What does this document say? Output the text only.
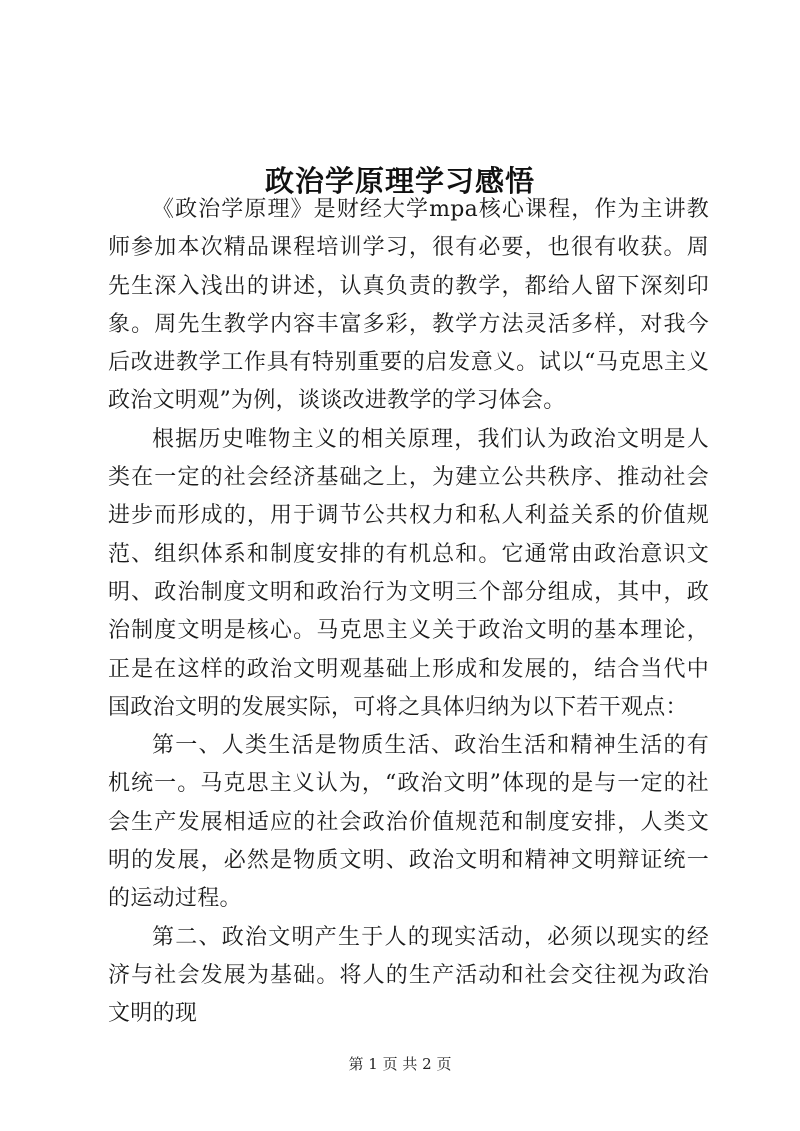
政治学原理学习感悟

《政治学原理》是财经大学mpa核心课程，作为主讲教师参加本次精品课程培训学习，很有必要，也很有收获。周先生深入浅出的讲述，认真负责的教学，都给人留下深刻印象。周先生教学内容丰富多彩，教学方法灵活多样，对我今后改进教学工作具有特别重要的启发意义。试以“马克思主义政治文明观”为例，谈谈改进教学的学习体会。

根据历史唯物主义的相关原理，我们认为政治文明是人类在一定的社会经济基础之上，为建立公共秩序、推动社会进步而形成的，用于调节公共权力和私人利益关系的价值规范、组织体系和制度安排的有机总和。它通常由政治意识文明、政治制度文明和政治行为文明三个部分组成，其中，政治制度文明是核心。马克思主义关于政治文明的基本理论，正是在这样的政治文明观基础上形成和发展的，结合当代中国政治文明的发展实际，可将之具体归纳为以下若干观点：

第一、人类生活是物质生活、政治生活和精神生活的有机统一。马克思主义认为，“政治文明”体现的是与一定的社会生产发展相适应的社会政治价值规范和制度安排，人类文明的发展，必然是物质文明、政治文明和精神文明辩证统一的运动过程。

第二、政治文明产生于人的现实活动，必须以现实的经济与社会发展为基础。将人的生产活动和社会交往视为政治文明的现

第 1 页 共 2 页
